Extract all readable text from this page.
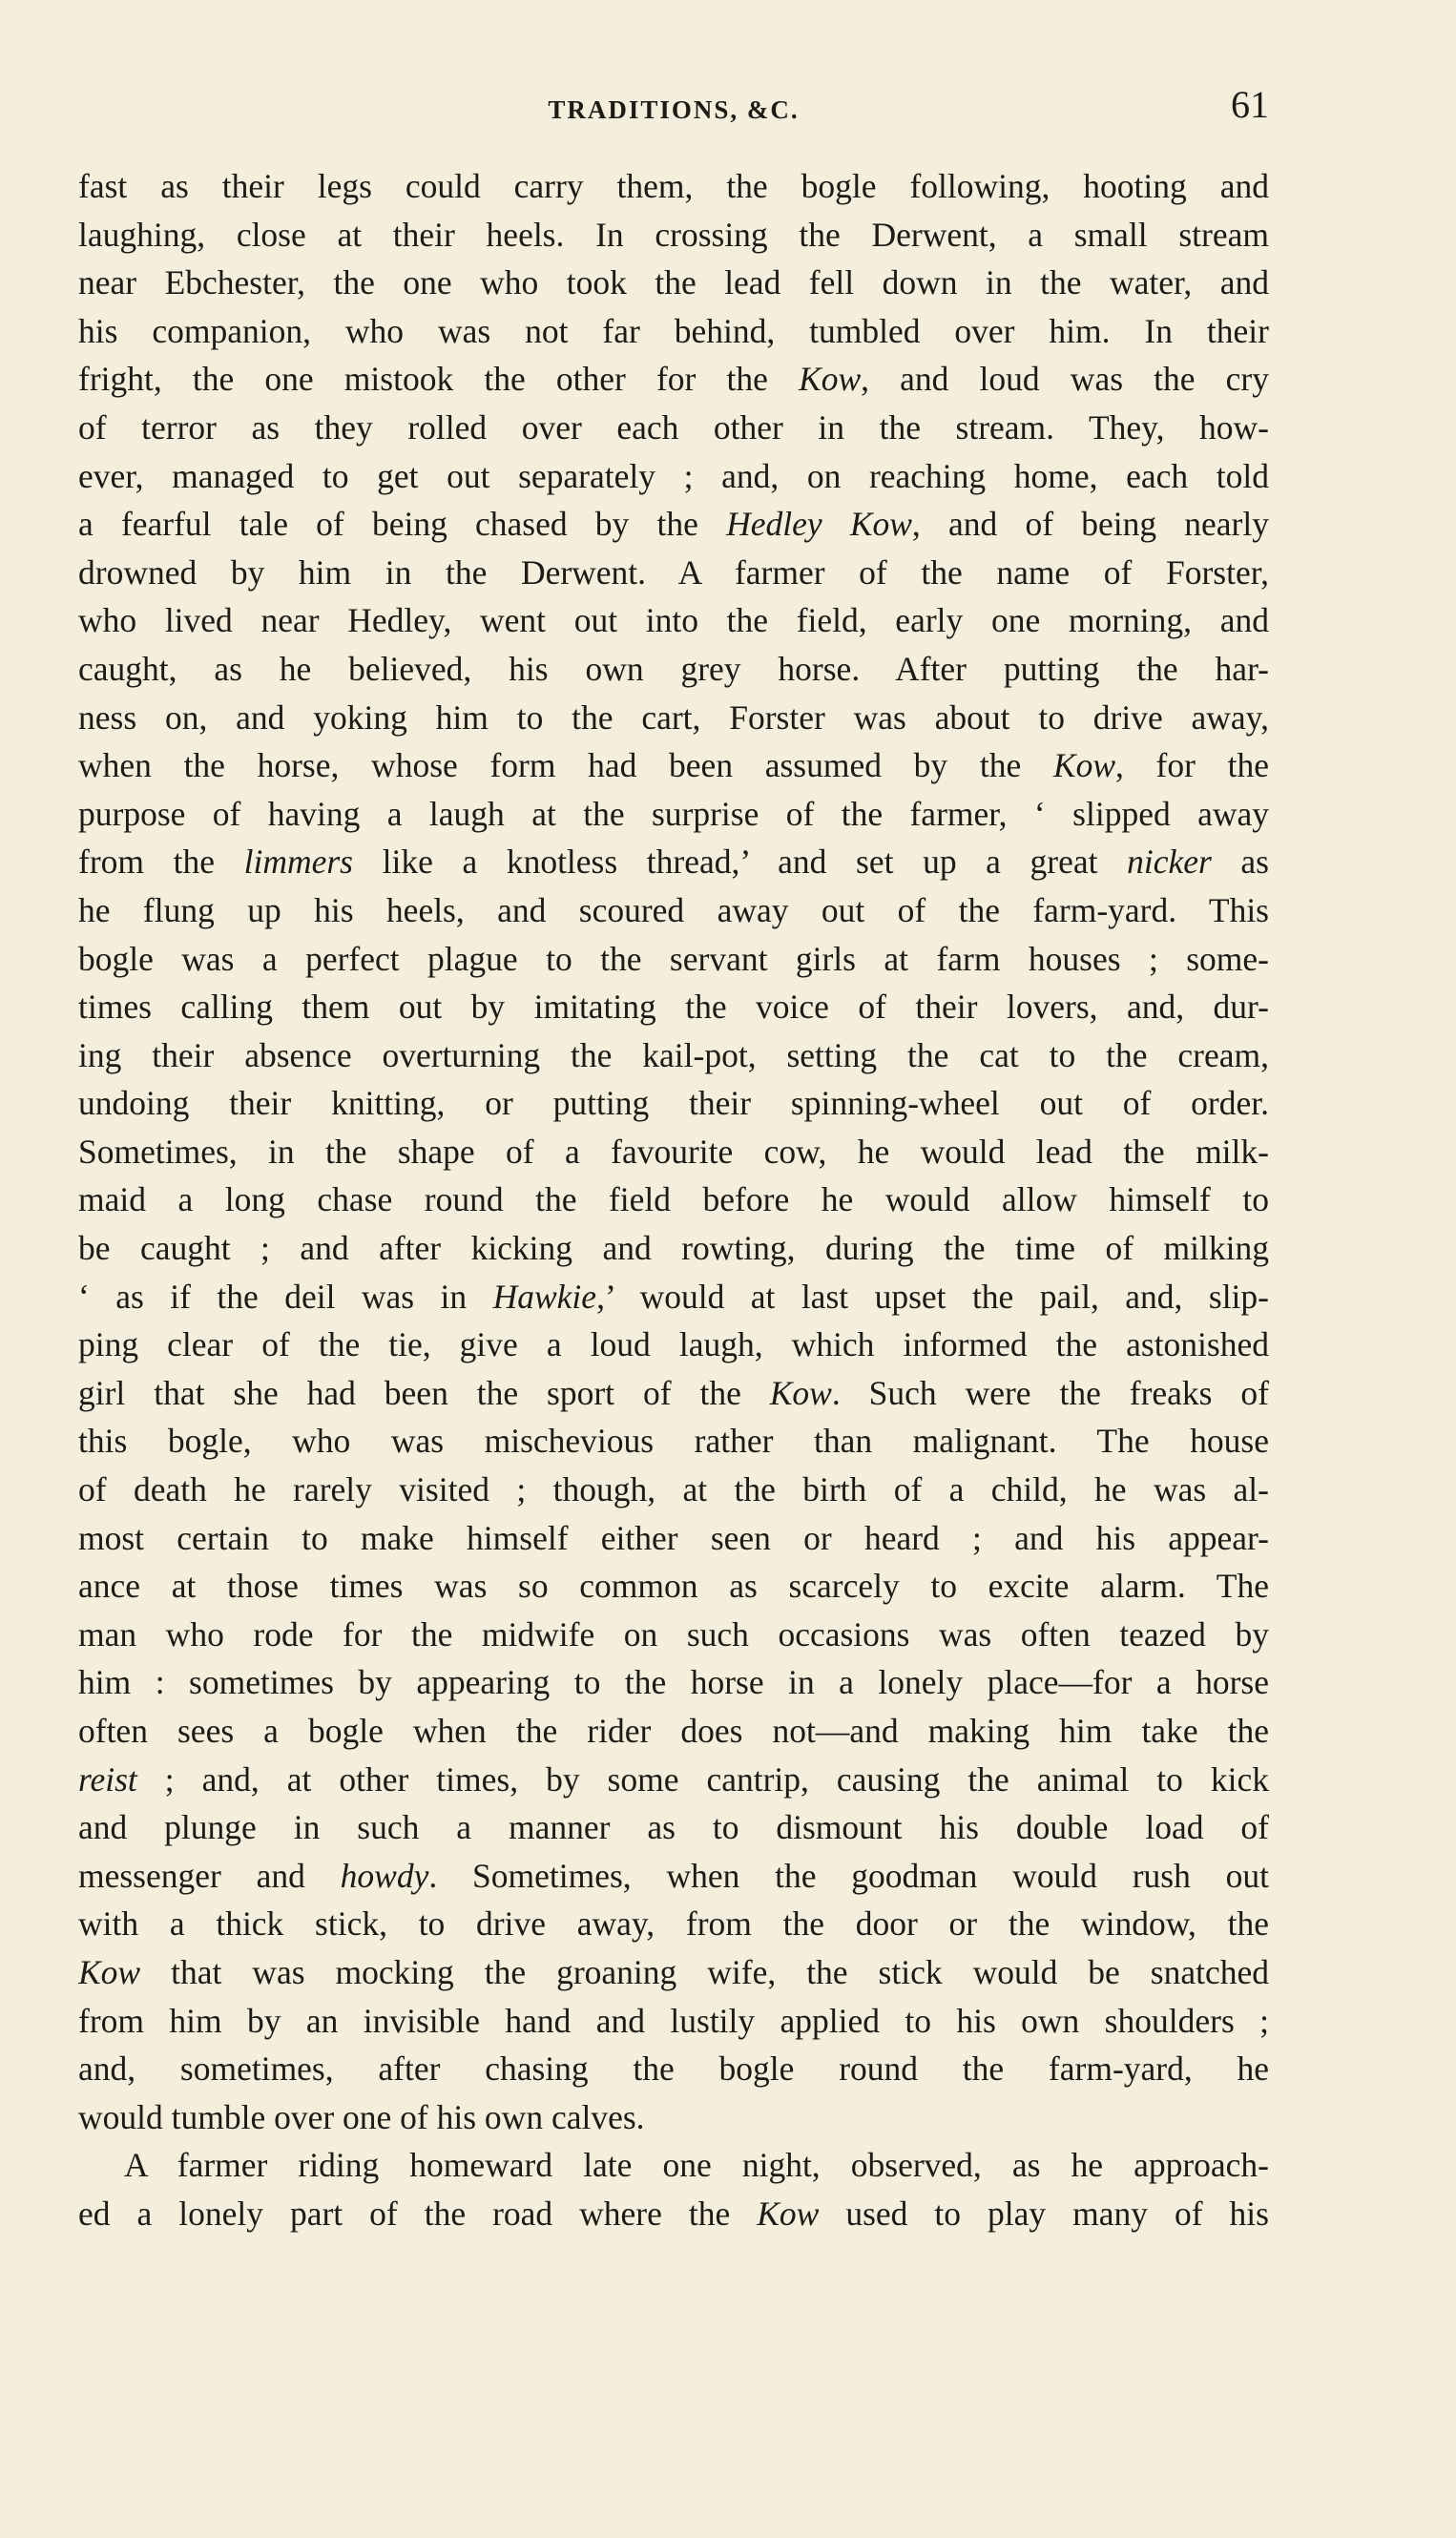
TRADITIONS, &C.	61
fast as their legs could carry them, the bogle following, hooting and
laughing, close at their heels. In crossing the Derwent, a small stream
near Ebchester, the one who took the lead fell down in the water, and
his companion, who was not far behind, tumbled over him. In their
fright, the one mistook the other for the Kow, and loud was the cry
of terror as they rolled over each other in the stream. They, how-
ever, managed to get out separately ; and, on reaching home, each told
a fearful tale of being chased by the Hedley Kow, and of being nearly
drowned by him in the Derwent. A farmer of the name of Forster,
who lived near Hedley, went out into the field, early one morning, and
caught, as he believed, his own grey horse. After putting the har-
ness on, and yoking him to the cart, Forster was about to drive away,
when the horse, whose form had been assumed by the Kow, for the
purpose of having a laugh at the surprise of the farmer, ‘ slipped away
from the limmers like a knotless thread,’ and set up a great nicker as
he flung up his heels, and scoured away out of the farm-yard. This
bogle was a perfect plague to the servant girls at farm houses ; some-
times calling them out by imitating the voice of their lovers, and, dur-
ing their absence overturning the kail-pot, setting the cat to the cream,
undoing their knitting, or putting their spinning-wheel out of order.
Sometimes, in the shape of a favourite cow, he would lead the milk-
maid a long chase round the field before he would allow himself to
be caught ; and after kicking and rowting, during the time of milking
‘ as if the deil was in Hawkie,’ would at last upset the pail, and, slip-
ping clear of the tie, give a loud laugh, which informed the astonished
girl that she had been the sport of the Kow. Such were the freaks of
this bogle, who was mischevious rather than malignant. The house
of death he rarely visited ; though, at the birth of a child, he was al-
most certain to make himself either seen or heard ; and his appear-
ance at those times was so common as scarcely to excite alarm. The
man who rode for the midwife on such occasions was often teazed by
him : sometimes by appearing to the horse in a lonely place—for a horse
often sees a bogle when the rider does not—and making him take the
reist ; and, at other times, by some cantrip, causing the animal to kick
and plunge in such a manner as to dismount his double load of
messenger and howdy. Sometimes, when the goodman would rush out
with a thick stick, to drive away, from the door or the window, the
Kow that was mocking the groaning wife, the stick would be snatched
from him by an invisible hand and lustily applied to his own shoulders ;
and, sometimes, after chasing the bogle round the farm-yard, he
would tumble over one of his own calves.
A farmer riding homeward late one night, observed, as he approach-
ed a lonely part of the road where the Kow used to play many of his
